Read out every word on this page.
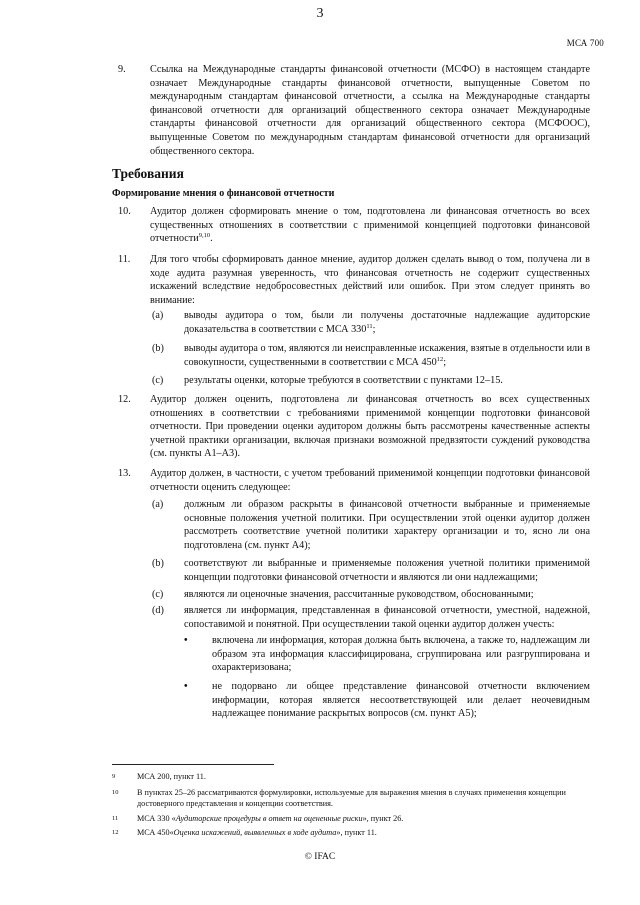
3
МСА 700
9. Ссылка на Международные стандарты финансовой отчетности (МСФО) в настоящем стандарте означает Международные стандарты финансовой отчетности, выпущенные Советом по международным стандартам финансовой отчетности, а ссылка на Международные стандарты финансовой отчетности для организаций общественного сектора означает Международные стандарты финансовой отчетности для организаций общественного сектора (МСФООС), выпущенные Советом по международным стандартам финансовой отчетности для организаций общественного сектора.
Требования
Формирование мнения о финансовой отчетности
10. Аудитор должен сформировать мнение о том, подготовлена ли финансовая отчетность во всех существенных отношениях в соответствии с применимой концепцией подготовки финансовой отчетности$^{9,10}$.
11. Для того чтобы сформировать данное мнение, аудитор должен сделать вывод о том, получена ли в ходе аудита разумная уверенность, что финансовая отчетность не содержит существенных искажений вследствие недобросовестных действий или ошибок. При этом следует принять во внимание:
(a) выводы аудитора о том, были ли получены достаточные надлежащие аудиторские доказательства в соответствии с МСА $330^{11}$;
(b) выводы аудитора о том, являются ли неисправленные искажения, взятые в отдельности или в совокупности, существенными в соответствии с МСА $450^{12}$;
(c) результаты оценки, которые требуются в соответствии с пунктами 12–15.
12. Аудитор должен оценить, подготовлена ли финансовая отчетность во всех существенных отношениях в соответствии с требованиями применимой концепции подготовки финансовой отчетности. При проведении оценки аудитором должны быть рассмотрены качественные аспекты учетной практики организации, включая признаки возможной предвзятости суждений руководства (см. пункты А1–А3).
13. Аудитор должен, в частности, с учетом требований применимой концепции подготовки финансовой отчетности оценить следующее:
(a) должным ли образом раскрыты в финансовой отчетности выбранные и применяемые основные положения учетной политики. При осуществлении этой оценки аудитор должен рассмотреть соответствие учетной политики характеру организации и то, ясно ли она подготовлена (см. пункт А4);
(b) соответствуют ли выбранные и применяемые положения учетной политики применимой концепции подготовки финансовой отчетности и являются ли они надлежащими;
(c) являются ли оценочные значения, рассчитанные руководством, обоснованными;
(d) является ли информация, представленная в финансовой отчетности, уместной, надежной, сопоставимой и понятной. При осуществлении такой оценки аудитор должен учесть:
• включена ли информация, которая должна быть включена, а также то, надлежащим ли образом эта информация классифицирована, сгруппирована или разгруппирована и охарактеризована;
• не подорвано ли общее представление финансовой отчетности включением информации, которая является несоответствующей или делает неочевидным надлежащее понимание раскрытых вопросов (см. пункт А5);
9	МСА 200, пункт 11.
10 В пунктах 25–26 рассматриваются формулировки, используемые для выражения мнения в случаях применения концепции достоверного представления и концепции соответствия.
11 МСА 330 «Аудиторские процедуры в ответ на оцененные риски», пункт 26.
12 МСА 450«Оценка искажений, выявленных в ходе аудита», пункт 11.
© IFAC
